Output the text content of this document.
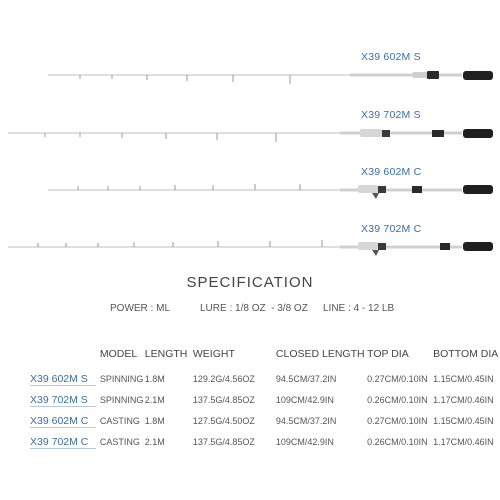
X39 602M S
X39 702M S
X39 602M C
X39 702M C
SPECIFICATION
POWER : ML	LURE : 1/8 OZ  - 3/8 OZ LINE : 4 - 12 LB
	MODEL	LENGTH	WEIGHT	CLOSED LENGTH	TOP DIA	BOTTOM DIA
X39 602M S	SPINNING	1.8M	129.2G/4.56OZ	94.5CM/37.2IN	0.27CM/0.10IN	1.15CM/0.45IN
X39 702M S	SPINNING	2.1M	137.5G/4.85OZ	109CM/42.9IN	0.26CM/0.10IN	1.17CM/0.46IN
X39 602M C	CASTING	1.8M	127.5G/4.50OZ	94.5CM/37.2IN	0.27CM/0.10IN	1.15CM/0.45IN
X39 702M C	CASTING	2.1M	137.5G/4.85OZ	109CM/42.9IN	0.26CM/0.10IN	1.17CM/0.46IN
